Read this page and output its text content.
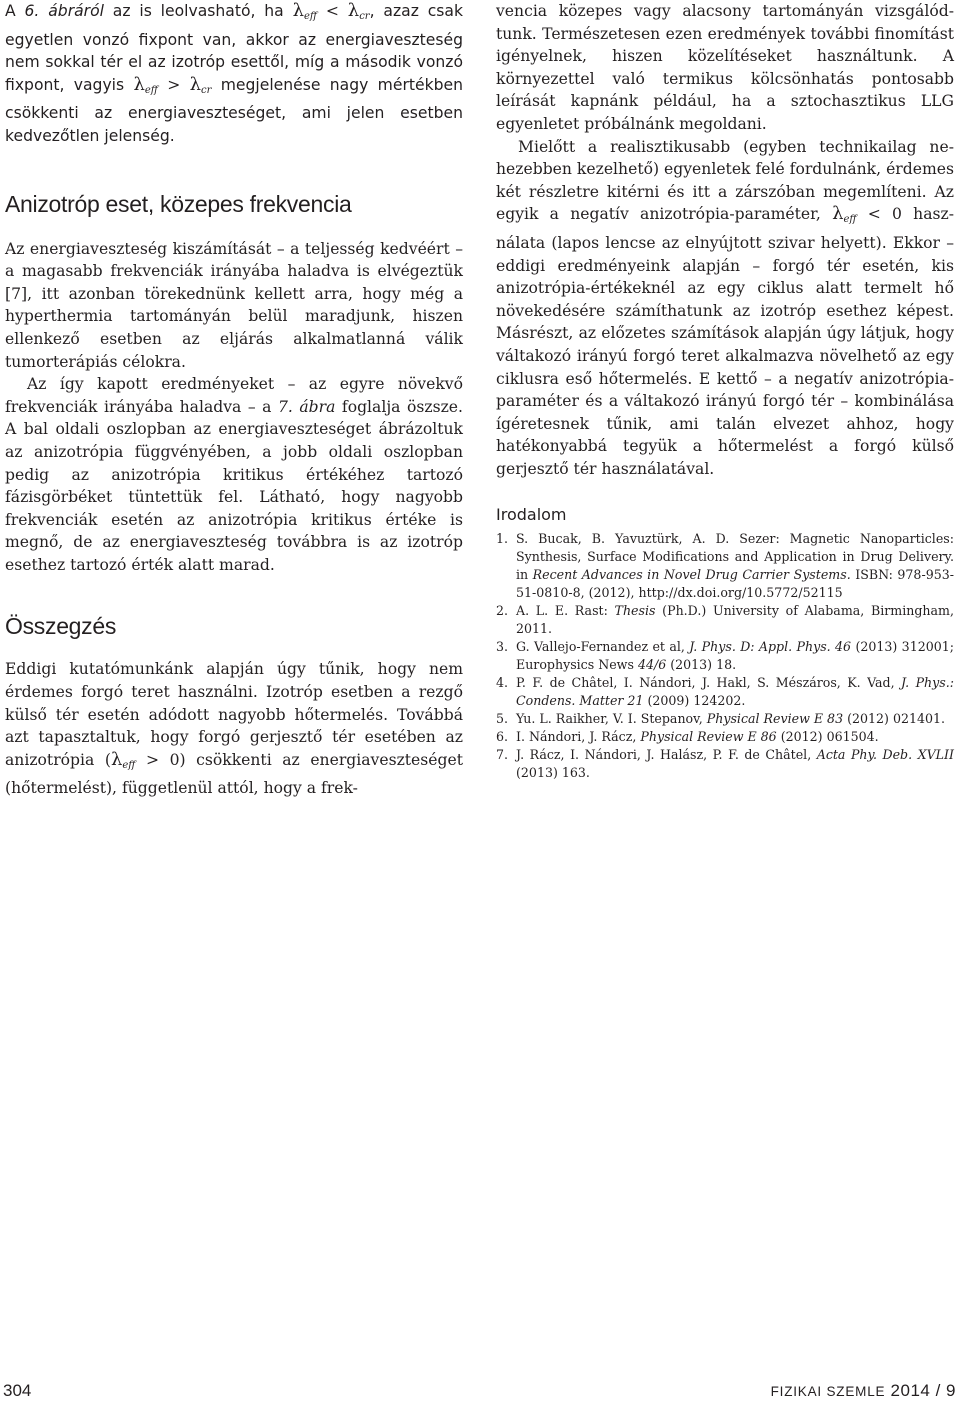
A 6. ábráról az is leolvasható, ha $\lambda_{eff} < \lambda_{cr}$, azaz csak egyetlen vonzó fixpont van, akkor az energiaveszteség nem sokkal tér el az izotróp esettől, míg a második vonzó fixpont, vagyis $\lambda_{eff} > \lambda_{cr}$ megjelenése nagy mértékben csökkenti az energiaveszteséget, ami jelen esetben kedvezőtlen jelenség.

Anizotróp eset, közepes frekvencia

Az energiaveszteség kiszámítását – a teljesség kedvéért – a magasabb frekvenciák irányába haladva is elvégeztük [7], itt azonban törekednünk kellett arra, hogy még a hyperthermia tartományán belül maradjunk, hiszen ellenkező esetben az eljárás alkalmatlanná válik tumorterápiás célokra.

Az így kapott eredményeket – az egyre növekvő frekvenciák irányába haladva – a 7. ábra foglalja öszsze. A bal oldali oszlopban az energiaveszteséget ábrázoltuk az anizotrópia függvényében, a jobb oldali oszlopban pedig az anizotrópia kritikus értékéhez tartozó fázisgörbéket tüntettük fel. Látható, hogy nagyobb frekvenciák esetén az anizotrópia kritikus értéke is megnő, de az energiaveszteség továbbra is az izotróp esethez tartozó érték alatt marad.

Összegzés

Eddigi kutatómunkánk alapján úgy tűnik, hogy nem érdemes forgó teret használni. Izotróp esetben a rezgő külső tér esetén adódott nagyobb hőtermelés. Továbbá azt tapasztaltuk, hogy forgó gerjesztő tér esetében az anizotrópia $(\lambda_{eff} > 0)$ csökkenti az energiaveszteséget (hőtermelést), függetlenül attól, hogy a frek-

vencia közepes vagy alacsony tartományán vizsgálódtunk. Természetesen ezen eredmények további finomítást igényelnek, hiszen közelítéseket használtunk. A környezettel való termikus kölcsönhatás pontosabb leírását kapnánk például, ha a sztochasztikus LLG egyenletet próbálnánk megoldani.

Mielőtt a realisztikusabb (egyben technikailag nehezebben kezelhető) egyenletek felé fordulnánk, érdemes két részletre kitérni és itt a zárszóban megemlíteni. Az egyik a negatív anizotrópia-paraméter, $\lambda_{eff} < 0$ használata (lapos lencse az elnyújtott szivar helyett). Ekkor – eddigi eredményeink alapján – forgó tér esetén, kis anizotrópia-értékeknél az egy ciklus alatt termelt hő növekedésére számíthatunk az izotróp esethez képest. Másrészt, az előzetes számítások alapján úgy látjuk, hogy váltakozó irányú forgó teret alkalmazva növelhető az egy ciklusra eső hőtermelés. E kettő – a negatív anizotrópia-paraméter és a váltakozó irányú forgó tér – kombinálása ígéretesnek tűnik, ami talán elvezet ahhoz, hogy hatékonyabbá tegyük a hőtermelést a forgó külső gerjesztő tér használatával.

Irodalom
1. S. Bucak, B. Yavuztürk, A. D. Sezer: Magnetic Nanoparticles: Synthesis, Surface Modifications and Application in Drug Delivery. in Recent Advances in Novel Drug Carrier Systems. ISBN: 978-953-51-0810-8, (2012), http://dx.doi.org/10.5772/52115
2. A. L. E. Rast: Thesis (Ph.D.) University of Alabama, Birmingham, 2011.
3. G. Vallejo-Fernandez et al, J. Phys. D: Appl. Phys. 46 (2013) 312001; Europhysics News 44/6 (2013) 18.
4. P. F. de Châtel, I. Nándori, J. Hakl, S. Mészáros, K. Vad, J. Phys.: Condens. Matter 21 (2009) 124202.
5. Yu. L. Raikher, V. I. Stepanov, Physical Review E 83 (2012) 021401.
6. I. Nándori, J. Rácz, Physical Review E 86 (2012) 061504.
7. J. Rácz, I. Nándori, J. Halász, P. F. de Châtel, Acta Phy. Deb. XVLII (2013) 163.
304	FIZIKAI SZEMLE 2014 / 9
